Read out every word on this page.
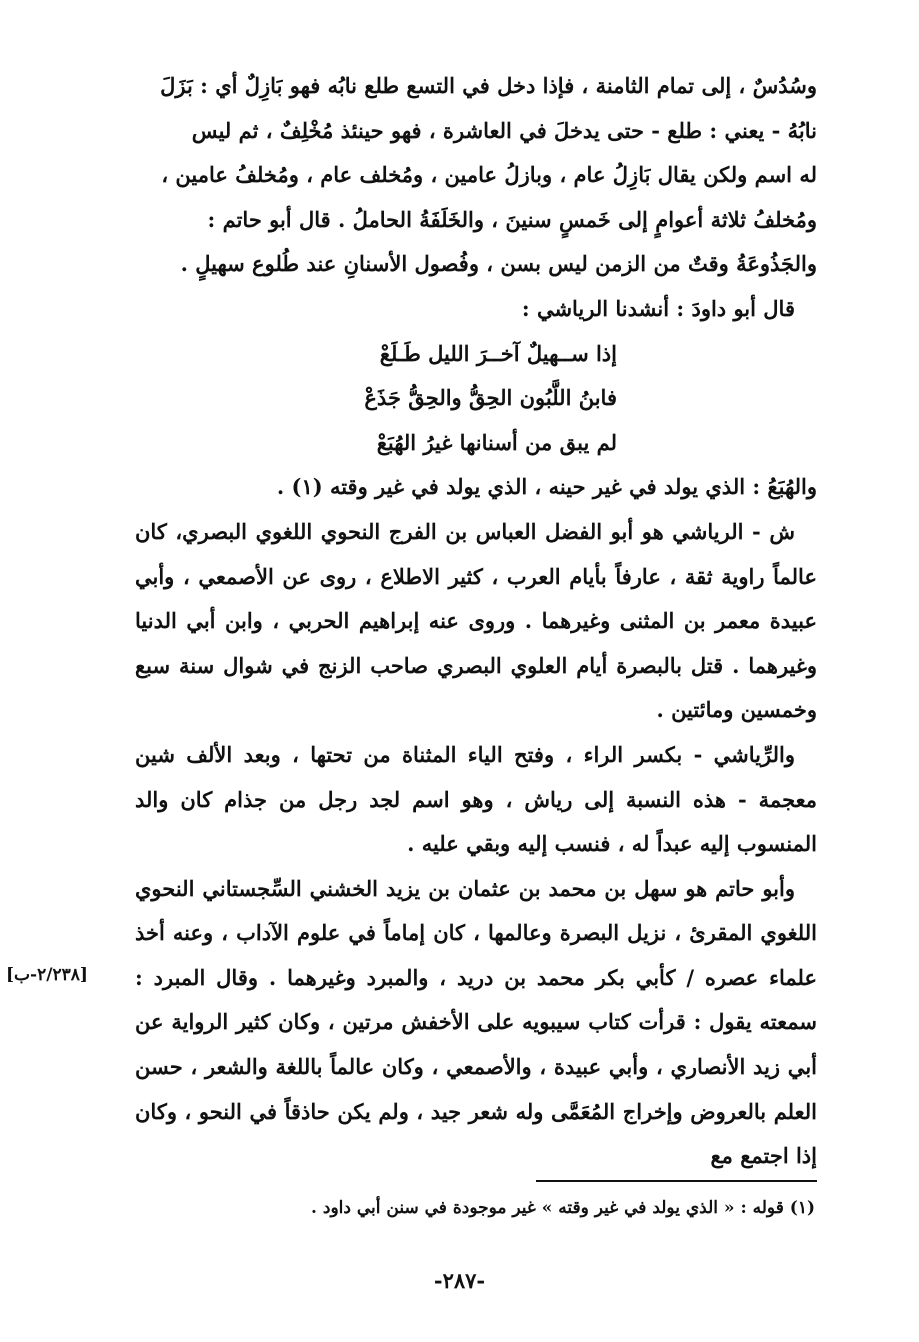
وسُدُسٌ ، إلى تمام الثامنة ، فإذا دخل في التسع طلع نابُه فهو بَازِلٌ أي : بَزَلَ
نابُهُ - يعني : طلع - حتى يدخلَ في العاشرة ، فهو حينئذ مُخْلِفٌ ، ثم ليس
له اسم ولكن يقال بَازِلُ عام ، وبازلُ عامين ، ومُخلف عام ، ومُخلفُ عامين ،
ومُخلفُ ثلاثة أعوامٍ إلى خَمسٍ سنينَ ، والخَلَفَةُ الحاملُ . قال أبو حاتم :
والجَذُوعَةُ وقتٌ من الزمن ليس بسن ، وفُصول الأسنانِ عند طُلوع سهيلٍ .
قال أبو داودَ : أنشدنا الرياشي :
إذا ســهيلٌ آخــرَ الليل طَـلَعْ
فابنُ اللَّبُون الحِقُّ والحِقُّ جَذَعْ
لم يبق من أسنانها غيرُ الهُبَعْ
والهُبَعُ : الذي يولد في غير حينه ، الذي يولد في غير وقته (١) .

ش - الرياشي هو أبو الفضل العباس بن الفرج النحوي اللغوي البصري، كان عالماً راوية ثقة ، عارفاً بأيام العرب ، كثير الاطلاع ، روى عن الأصمعي ، وأبي عبيدة معمر بن المثنى وغيرهما . وروى عنه إبراهيم الحربي ، وابن أبي الدنيا وغيرهما . قتل بالبصرة أيام العلوي البصري صاحب الزنج في شوال سنة سبع وخمسين ومائتين .

والرِّياشي - بكسر الراء ، وفتح الياء المثناة من تحتها ، وبعد الألف شين معجمة - هذه النسبة إلى رياش ، وهو اسم لجد رجل من جذام كان والد المنسوب إليه عبداً له ، فنسب إليه وبقي عليه .

وأبو حاتم هو سهل بن محمد بن عثمان بن يزيد الخشني السِّجستاني النحوي اللغوي المقرئ ، نزيل البصرة وعالمها ، كان إماماً في علوم الآداب ، وعنه أخذ علماء عصره / كأبي بكر محمد بن دريد ، والمبرد وغيرهما . وقال المبرد : سمعته يقول : قرأت كتاب سيبويه على الأخفش مرتين ، وكان كثير الرواية عن أبي زيد الأنصاري ، وأبي عبيدة ، والأصمعي ، وكان عالماً باللغة والشعر ، حسن العلم بالعروض وإخراج المُعَمَّى وله شعر جيد ، ولم يكن حاذقاً في النحو ، وكان إذا اجتمع مع

[٢/٢٣٨-ب]
(١) قوله : « الذي يولد في غير وقته » غير موجودة في سنن أبي داود .
-٢٨٧-
